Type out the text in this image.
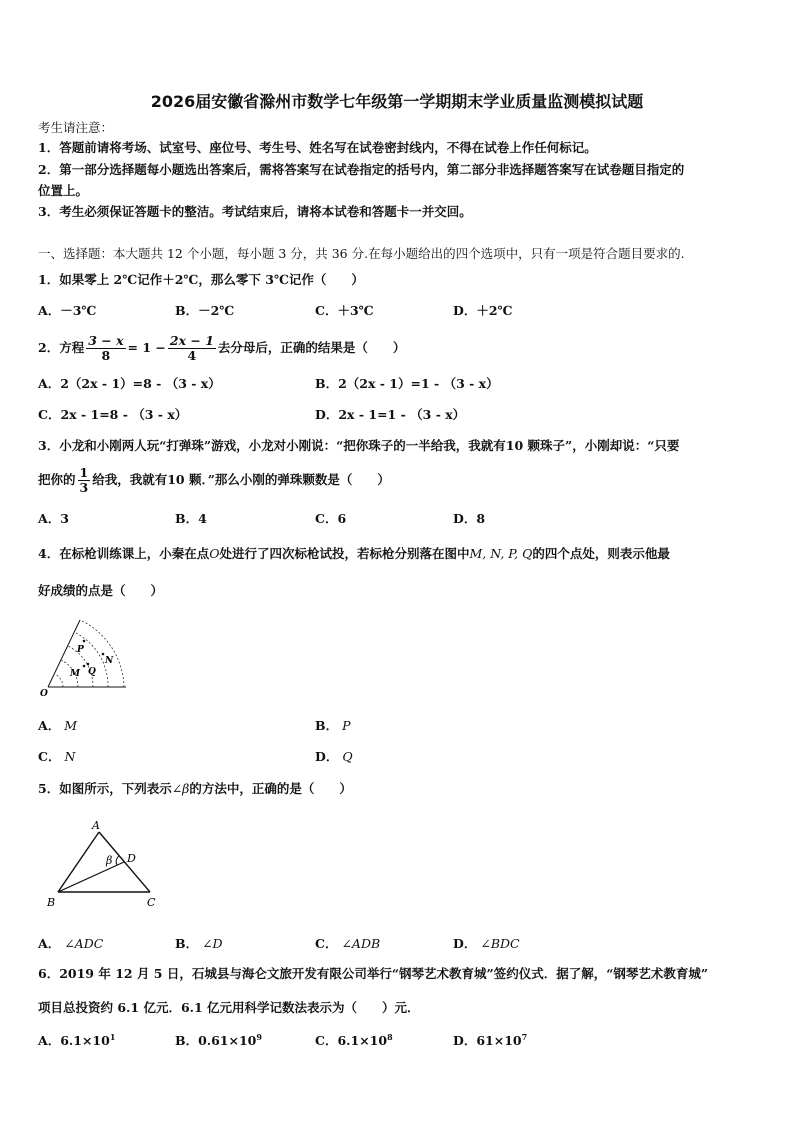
2026届安徽省滁州市数学七年级第一学期期末学业质量监测模拟试题
考生请注意：
1．答题前请将考场、试室号、座位号、考生号、姓名写在试卷密封线内，不得在试卷上作任何标记。
2．第一部分选择题每小题选出答案后，需将答案写在试卷指定的括号内，第二部分非选择题答案写在试卷题目指定的
位置上。
3．考生必须保证答题卡的整洁。考试结束后，请将本试卷和答题卡一并交回。
一、选择题：本大题共 12 个小题，每小题 3 分，共 36 分.在每小题给出的四个选项中，只有一项是符合题目要求的.
1．如果零上 2℃记作＋2℃，那么零下 3℃记作（　　）
A．－3℃	B．－2℃	C．＋3℃	D．＋2℃
2．方程 $\frac{3 - x}{8} = 1 - \frac{2x - 1}{4}$ 去分母后，正确的结果是（　　）
A．2（2x - 1）=8 - （3 - x）	B．2（2x - 1）=1 - （3 - x）
C．2x - 1=8 - （3 - x）	D．2x - 1=1 - （3 - x）
3．小龙和小刚两人玩“打弹珠”游戏，小龙对小刚说：“把你珠子的一半给我，我就有10 颗珠子”，小刚却说：“只要
把你的 $\frac{1}{3}$ 给我，我就有10 颗．”那么小刚的弹珠颗数是（　　）
A．3	B．4	C．6	D．8
4．在标枪训练课上，小秦在点O处进行了四次标枪试投，若标枪分别落在图中M, N, P, Q的四个点处，则表示他最
好成绩的点是（　　）
P
N
M Q
O
A． M	B． P
C． N	D． Q
5．如图所示，下列表示∠β的方法中，正确的是（　　）
A
B	C
D
β
A． ∠ADC	B． ∠D	C． ∠ADB	D． ∠BDC
6．2019 年 12 月 5 日，石城县与海仑文旅开发有限公司举行“钢琴艺术教育城”签约仪式．据了解，“钢琴艺术教育城”
项目总投资约 6.1 亿元．6.1 亿元用科学记数法表示为（　　）元．
A．$6.1\times 10^1$	B．$0.61\times 10^9$	C．$6.1\times 10^8$	D．$61\times 10^7$
